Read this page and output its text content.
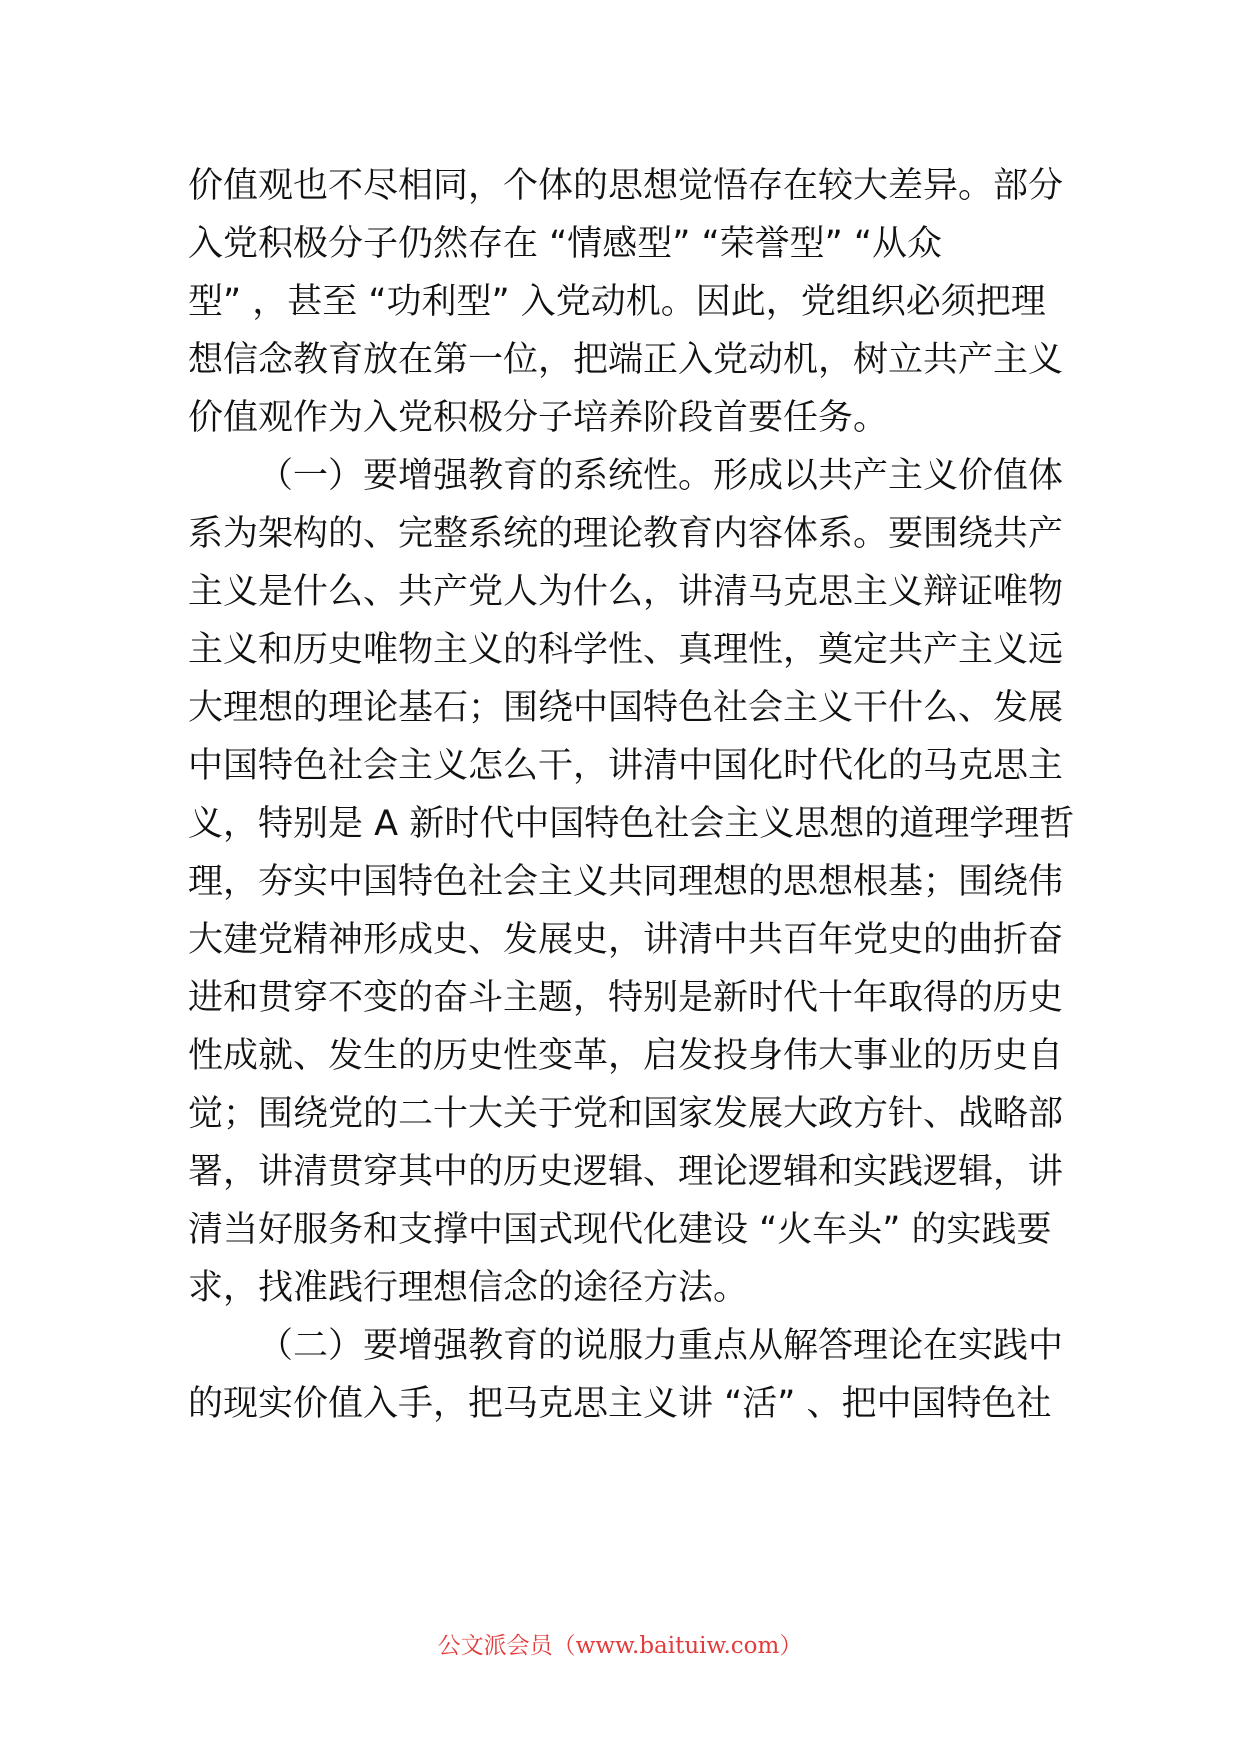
价值观也不尽相同，个体的思想觉悟存在较大差异。部分
入党积极分子仍然存在 “情感型” “荣誉型” “从众
型” ，甚至 “功利型” 入党动机。因此，党组织必须把理
想信念教育放在第一位，把端正入党动机，树立共产主义
价值观作为入党积极分子培养阶段首要任务。
（一）要增强教育的系统性。形成以共产主义价值体
系为架构的、完整系统的理论教育内容体系。要围绕共产
主义是什么、共产党人为什么，讲清马克思主义辩证唯物
主义和历史唯物主义的科学性、真理性，奠定共产主义远
大理想的理论基石；围绕中国特色社会主义干什么、发展
中国特色社会主义怎么干，讲清中国化时代化的马克思主
义，特别是 A 新时代中国特色社会主义思想的道理学理哲
理，夯实中国特色社会主义共同理想的思想根基；围绕伟
大建党精神形成史、发展史，讲清中共百年党史的曲折奋
进和贯穿不变的奋斗主题，特别是新时代十年取得的历史
性成就、发生的历史性变革，启发投身伟大事业的历史自
觉；围绕党的二十大关于党和国家发展大政方针、战略部
署，讲清贯穿其中的历史逻辑、理论逻辑和实践逻辑，讲
清当好服务和支撑中国式现代化建设 “火车头” 的实践要
求，找准践行理想信念的途径方法。
（二）要增强教育的说服力重点从解答理论在实践中
的现实价值入手，把马克思主义讲 “活” 、把中国特色社
公文派会员（www.baituiw.com）
